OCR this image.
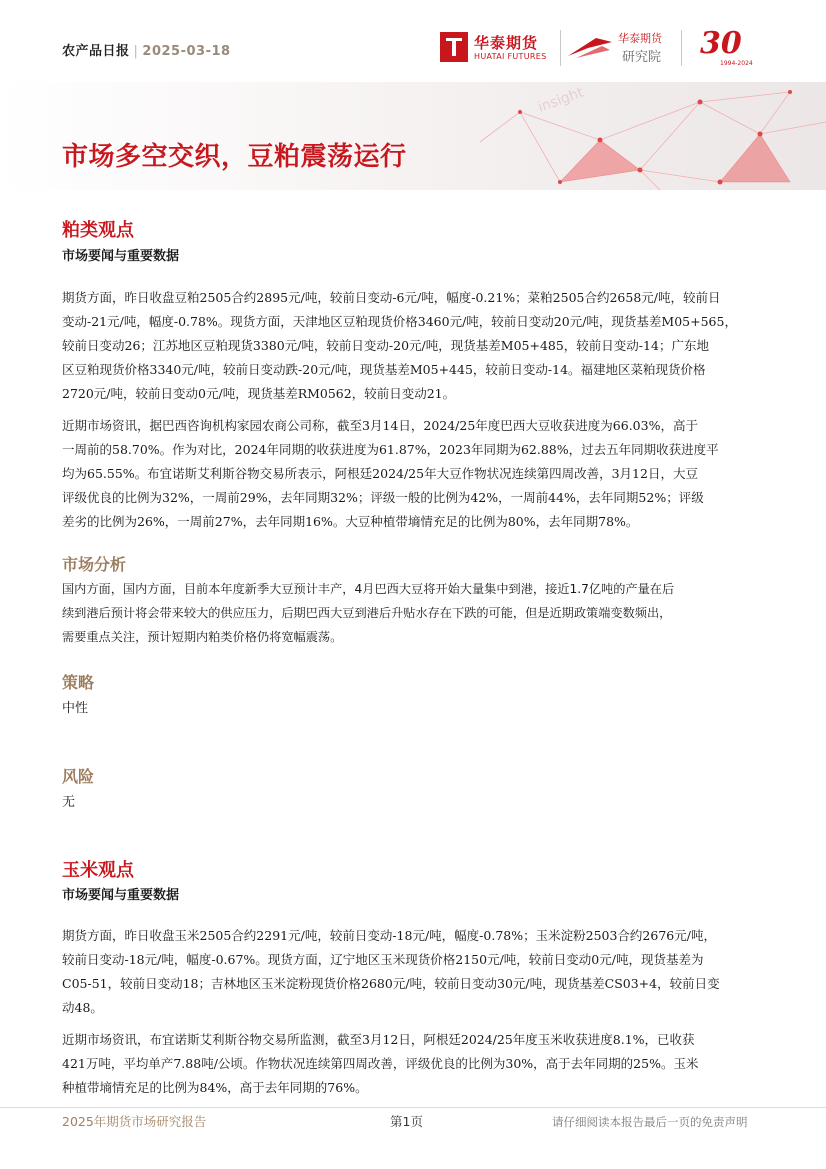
农产品日报 | 2025-03-18	华泰期货
HUATAI FUTURES
华泰期货
研究院 30
1994-2024
insight
市场多空交织，豆粕震荡运行
粕类观点
市场要闻与重要数据
期货方面，昨日收盘豆粕2505合约2895元/吨，较前日变动-6元/吨，幅度-0.21%；菜粕2505合约2658元/吨，较前日
变动-21元/吨，幅度-0.78%。现货方面，天津地区豆粕现货价格3460元/吨，较前日变动20元/吨，现货基差M05+565，
较前日变动26；江苏地区豆粕现货3380元/吨，较前日变动-20元/吨，现货基差M05+485，较前日变动-14；广东地
区豆粕现货价格3340元/吨，较前日变动跌-20元/吨，现货基差M05+445，较前日变动-14。福建地区菜粕现货价格
2720元/吨，较前日变动0元/吨，现货基差RM0562，较前日变动21。
近期市场资讯，据巴西咨询机构家园农商公司称，截至3月14日，2024/25年度巴西大豆收获进度为66.03%，高于
一周前的58.70%。作为对比，2024年同期的收获进度为61.87%，2023年同期为62.88%，过去五年同期收获进度平
均为65.55%。布宜诺斯艾利斯谷物交易所表示，阿根廷2024/25年大豆作物状况连续第四周改善，3月12日，大豆
评级优良的比例为32%，一周前29%，去年同期32%；评级一般的比例为42%，一周前44%，去年同期52%；评级
差劣的比例为26%，一周前27%，去年同期16%。大豆种植带墒情充足的比例为80%，去年同期78%。
市场分析
国内方面，国内方面，目前本年度新季大豆预计丰产，4月巴西大豆将开始大量集中到港，接近1.7亿吨的产量在后
续到港后预计将会带来较大的供应压力，后期巴西大豆到港后升贴水存在下跌的可能，但是近期政策端变数频出，
需要重点关注，预计短期内粕类价格仍将宽幅震荡。
策略
中性
风险
无
玉米观点
市场要闻与重要数据
期货方面，昨日收盘玉米2505合约2291元/吨，较前日变动-18元/吨，幅度-0.78%；玉米淀粉2503合约2676元/吨，
较前日变动-18元/吨，幅度-0.67%。现货方面，辽宁地区玉米现货价格2150元/吨，较前日变动0元/吨，现货基差为
C05-51，较前日变动18；吉林地区玉米淀粉现货价格2680元/吨，较前日变动30元/吨，现货基差CS03+4，较前日变
动48。
近期市场资讯，布宜诺斯艾利斯谷物交易所监测，截至3月12日，阿根廷2024/25年度玉米收获进度8.1%，已收获
421万吨，平均单产7.88吨/公顷。作物状况连续第四周改善，评级优良的比例为30%，高于去年同期的25%。玉米
种植带墒情充足的比例为84%，高于去年同期的76%。
2025年期货市场研究报告	第1页	请仔细阅读本报告最后一页的免责声明
